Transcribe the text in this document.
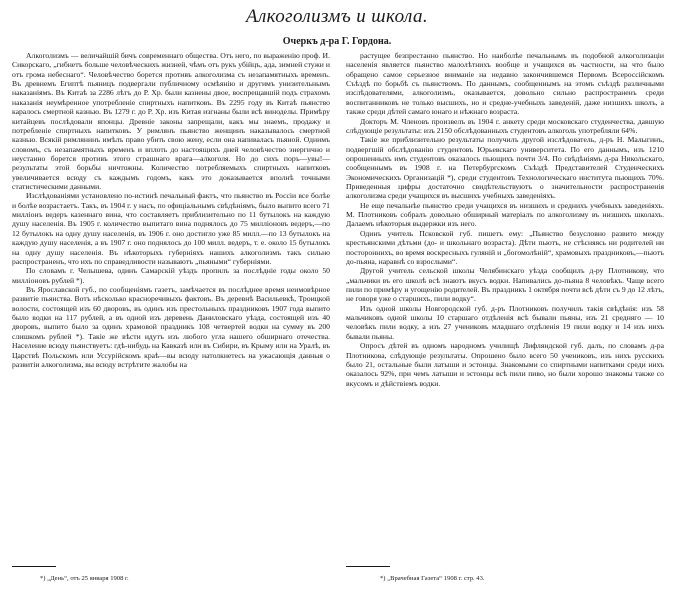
Алкоголизмъ и школа.
Очеркъ д-ра Г. Гордона.

Алкоголизмъ — величайшій бичъ современнаго общества. Отъ него, по выраженію проф. И. Сикорскаго, „гибнетъ больше человѣческихъ жизней, чѣмъ отъ рукъ убійцъ, ада, зимней стужи и отъ грома небеснаго“. Человѣчество борется противъ алкоголизма съ незапамятныхъ временъ. Въ древнемъ Египтѣ пьяницъ подвергали публичному осмѣянію и другимъ унизительнымъ наказаніямъ. Въ Китаѣ за 2286 лѣтъ до Р. Хр. были казнены двое, воспрещавшій подъ страхомъ наказанія неумѣренное употребленіе спиртныхъ напитковъ. Въ 2295 году въ Китаѣ пьянство каралось смертной казнью. Въ 1279 г. до Р. Хр. изъ Китая изгнаны были всѣ виноделы. Примѣру китайцевъ послѣдовали японцы. Древніе законы запрещали, какъ мы знаемъ, продажу и потребленіе спиртныхъ напитковъ. У римлянъ пьянство женщинъ наказывалось смертной казнью. Всякій римлянинъ имѣлъ право убить свою жену, если она напивалась пьяной. Однимъ словомъ, съ незапамятныхъ временъ и вплоть до настоящихъ дней человѣчество энергично и неустанно борется противъ этого страшнаго врага—алкоголя. Но до сихъ поръ—увы!—результаты этой борьбы ничтожны. Количество потребляемыхъ спиртныхъ напитковъ увеличивается всюду съ каждымъ годомъ, какъ это доказывается вполнѣ точными статистическими данными.

Изслѣдованіями установлено по-истинѣ печальный фактъ, что пьянство въ Россіи все болѣе и болѣе возрастаетъ. Такъ, въ 1904 г. у насъ, по офиціальнымъ свѣдѣніямъ, было выпито всего 71 милліонъ ведеръ казеннаго вина, что составляетъ приблизительно по 11 бутылокъ на каждую душу населенія. Въ 1905 г. количество выпитаго вина поднялось до 75 милліоновъ ведеръ,—по 12 бутылокъ на одну душу населенія, въ 1906 г. оно достигло уже 85 милл.—по 13 бутылокъ на каждую душу населенія, а въ 1907 г. оно поднялось до 100 милл. ведеръ, т. е. около 15 бутылокъ на одну душу населенія. Въ нѣкоторыхъ губерніяхъ нашихъ алкоголизмъ такъ сильно распространенъ, что ихъ по справедливости называютъ „пьяными“ губерніями.

По словамъ г. Челышева, одинъ Самарскій уѣздъ пропилъ за послѣдніе годы около 50 милліоновъ рублей *).

Въ Ярославской губ., по сообщеніямъ газетъ, замѣчается въ послѣднее время неимовѣрное развитіе пьянства. Вотъ нѣсколько красноречивыхъ фактовъ. Въ деревнѣ Васильевкѣ, Троицкой волости, состоящей изъ 60 дворовъ, въ одинъ изъ престольныхъ праздниковъ 1907 года выпито было водки на 117 рублей, а въ одной изъ деревень Даниловскаго уѣзда, состоящей изъ 40 дворовъ, выпито было за одинъ храмовой праздникъ 108 четвертей водки на сумму въ 200 слишкомъ рублей *). Такіе же вѣсти идутъ изъ любого угла нашего обширнаго отечества. Население всюду пьянствуетъ: гдѣ-нибудь на Кавказѣ или въ Сибири, въ Крыму или на Уралѣ, въ Царствѣ Польскомъ или Уссурійскомъ краѣ—вы всюду натолкнетесь на ужасающія данныя о развитіи алкоголизма, вы всюду встрѣтите жалобы на

растущее безпрестанно пьянство. Но наиболѣе печальнымъ въ подобной алкоголизаціи населенія является пьянство малолѣтнихъ вообще и учащихся въ частности, на что было обращено самое серьезное вниманіе на недавно закончившемся Первомъ Всероссійскомъ Съѣздѣ по борьбѣ съ пьянствомъ. По даннымъ, сообщеннымъ на этомъ съѣздѣ различными изслѣдователями, алкоголизмъ, оказывается, довольно сильно распространенъ среди воспитанниковъ не только высшихъ, но и средне-учебныхъ заведеній, даже низшихъ школъ, а также среди дѣтей самаго юнаго и нѣжнаго возраста.

Докторъ М. Членовъ произвелъ въ 1904 г. анкету среди московскаго студенчества, давшую слѣдующіе результаты: изъ 2150 обслѣдованныхъ студентовъ алкоголь употребляли 64%.

Такіе же приблизительно результаты получилъ другой изслѣдователь, д-ръ Н. Малыгинъ, подвергшій обслѣдованію студентовъ Юрьевскаго университета. По его даннымъ, изъ 1210 опрошенныхъ имъ студентовъ оказалось пьющихъ почти 3/4. По свѣдѣніямъ д-ра Никольскаго, сообщеннымъ въ 1908 г. на Петербургскомъ Съѣздѣ Представителей Студенческихъ Экономическихъ Организацій *), среди студентовъ Технологическаго института пьющихъ 70%. Приведенныя цифры достаточно свидѣтельствуютъ о значительности распространенія алкоголизма среди учащихся въ высшихъ учебныхъ заведеніяхъ.

Не еще печальнѣе пьянство среди учащихся въ низшихъ и среднихъ учебныхъ заведеніяхъ. М. Плотниковъ собралъ довольно обширный матеріалъ по алкоголизму въ низшихъ школахъ. Далаемъ нѣкоторыя выдержки изъ него.

Одинъ учитель Псковской губ. пишетъ ему: „Пьянство безусловно развито между крестьянскими дѣтьми (до- и школьнаго возраста). Дѣти пьютъ, не стѣсняясь ни родителей ни постороннихъ, во время воскресныхъ гуляній и „богомолѣній“, храмовыхъ праздниковъ,—пьютъ до-пьяна, наравнѣ со взрослыми“.

Другой учитель сельской школы Челябинскаго уѣзда сообщилъ д-ру Плотникову, что „мальчики въ его школѣ всѣ знаютъ вкусъ водки. Напивались до-пьяна 8 человѣкъ. Чаще всего пили по примѣру и угощенію родителей. Въ праздникъ 1 октября почти всѣ дѣти съ 9 до 12 лѣтъ, не говоря уже о старшихъ, пили водку“.

Изъ одной школы Новгородской губ. д-ръ Плотниковъ получилъ такія свѣдѣнія: изъ 58 мальчиковъ одной школы 10 старшаго отдѣленія всѣ бывали пьяны, изъ 21 средняго — 10 человѣкъ пили водку, а изъ 27 учениковъ младшаго отдѣленія 19 пили водку и 14 изъ нихъ бывали пьяны.

Опросъ дѣтей въ одномъ народномъ училищѣ Лифляндской губ. далъ, по словамъ д-ра Плотникова, слѣдующіе результаты. Опрошено было всего 50 учениковъ, изъ нихъ русскихъ было 21, остальные были латыши и эстонцы. Знакомыми со спиртными напитками среди нихъ оказалось 92%, при чемъ латыши и эстонцы всѣ пили пиво, но были хорошо знакомы также со вкусомъ и дѣйствіемъ водки.

*) „День“, отъ 25 января 1908 г.	*) „Врачебная Газета“ 1908 г. стр. 43.
